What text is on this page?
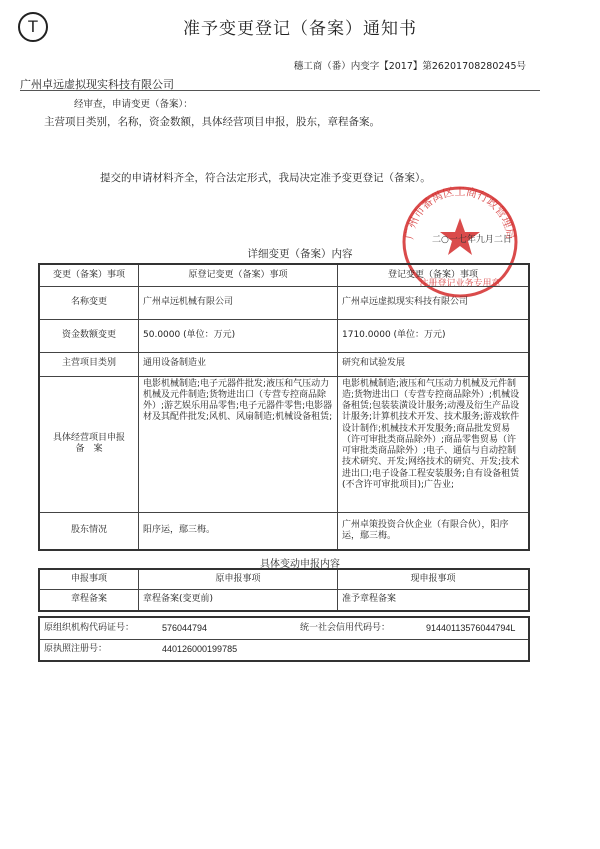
T	准予变更登记（备案）通知书
穗工商（番）内变字【2017】第26201708280245号
广州卓远虚拟现实科技有限公司
经审查，申请变更（备案）：
主营项目类别，名称，资金数额，具体经营项目申报，股东，章程备案。
提交的申请材料齐全，符合法定形式，我局决定准予变更登记（备案）。
广州市番禺区工商行政管理局
注册登记业务专用章
二○一七年九月二日
详细变更（备案）内容
变更（备案）事项	原登记变更（备案）事项	登记变更（备案）事项
名称变更	广州卓远机械有限公司	广州卓远虚拟现实科技有限公司
资金数额变更	50.0000 (单位：万元)	1710.0000 (单位：万元)
主营项目类别	通用设备制造业	研究和试验发展

具体经营项目申报
备　案	电影机械制造;电子元器件批发;液压和气压动力机械及元件制造;货物进出口（专营专控商品除外）;游艺娱乐用品零售;电子元器件零售;电影器材及其配件批发;风机、风扇制造;机械设备租赁;	电影机械制造;液压和气压动力机械及元件制造;货物进出口（专营专控商品除外）;机械设备租赁;包装装潢设计服务;动漫及衍生产品设计服务;计算机技术开发、技术服务;游戏软件设计制作;机械技术开发服务;商品批发贸易（许可审批类商品除外）;商品零售贸易（许可审批类商品除外）;电子、通信与自动控制技术研究、开发;网络技术的研究、开发;技术进出口;电子设备工程安装服务;自有设备租赁(不含许可审批项目);广告业;
股东情况	阳序运，鄢三梅。	广州卓策投资合伙企业（有限合伙），阳序运，鄢三梅。
具体变动申报内容
申报事项	原申报事项	现申报事项
章程备案	章程备案(变更前)	准予章程备案
原组织机构代码证号：	576044794	统一社会信用代码号：	91440113576044794L
原执照注册号：	440126000199785		
